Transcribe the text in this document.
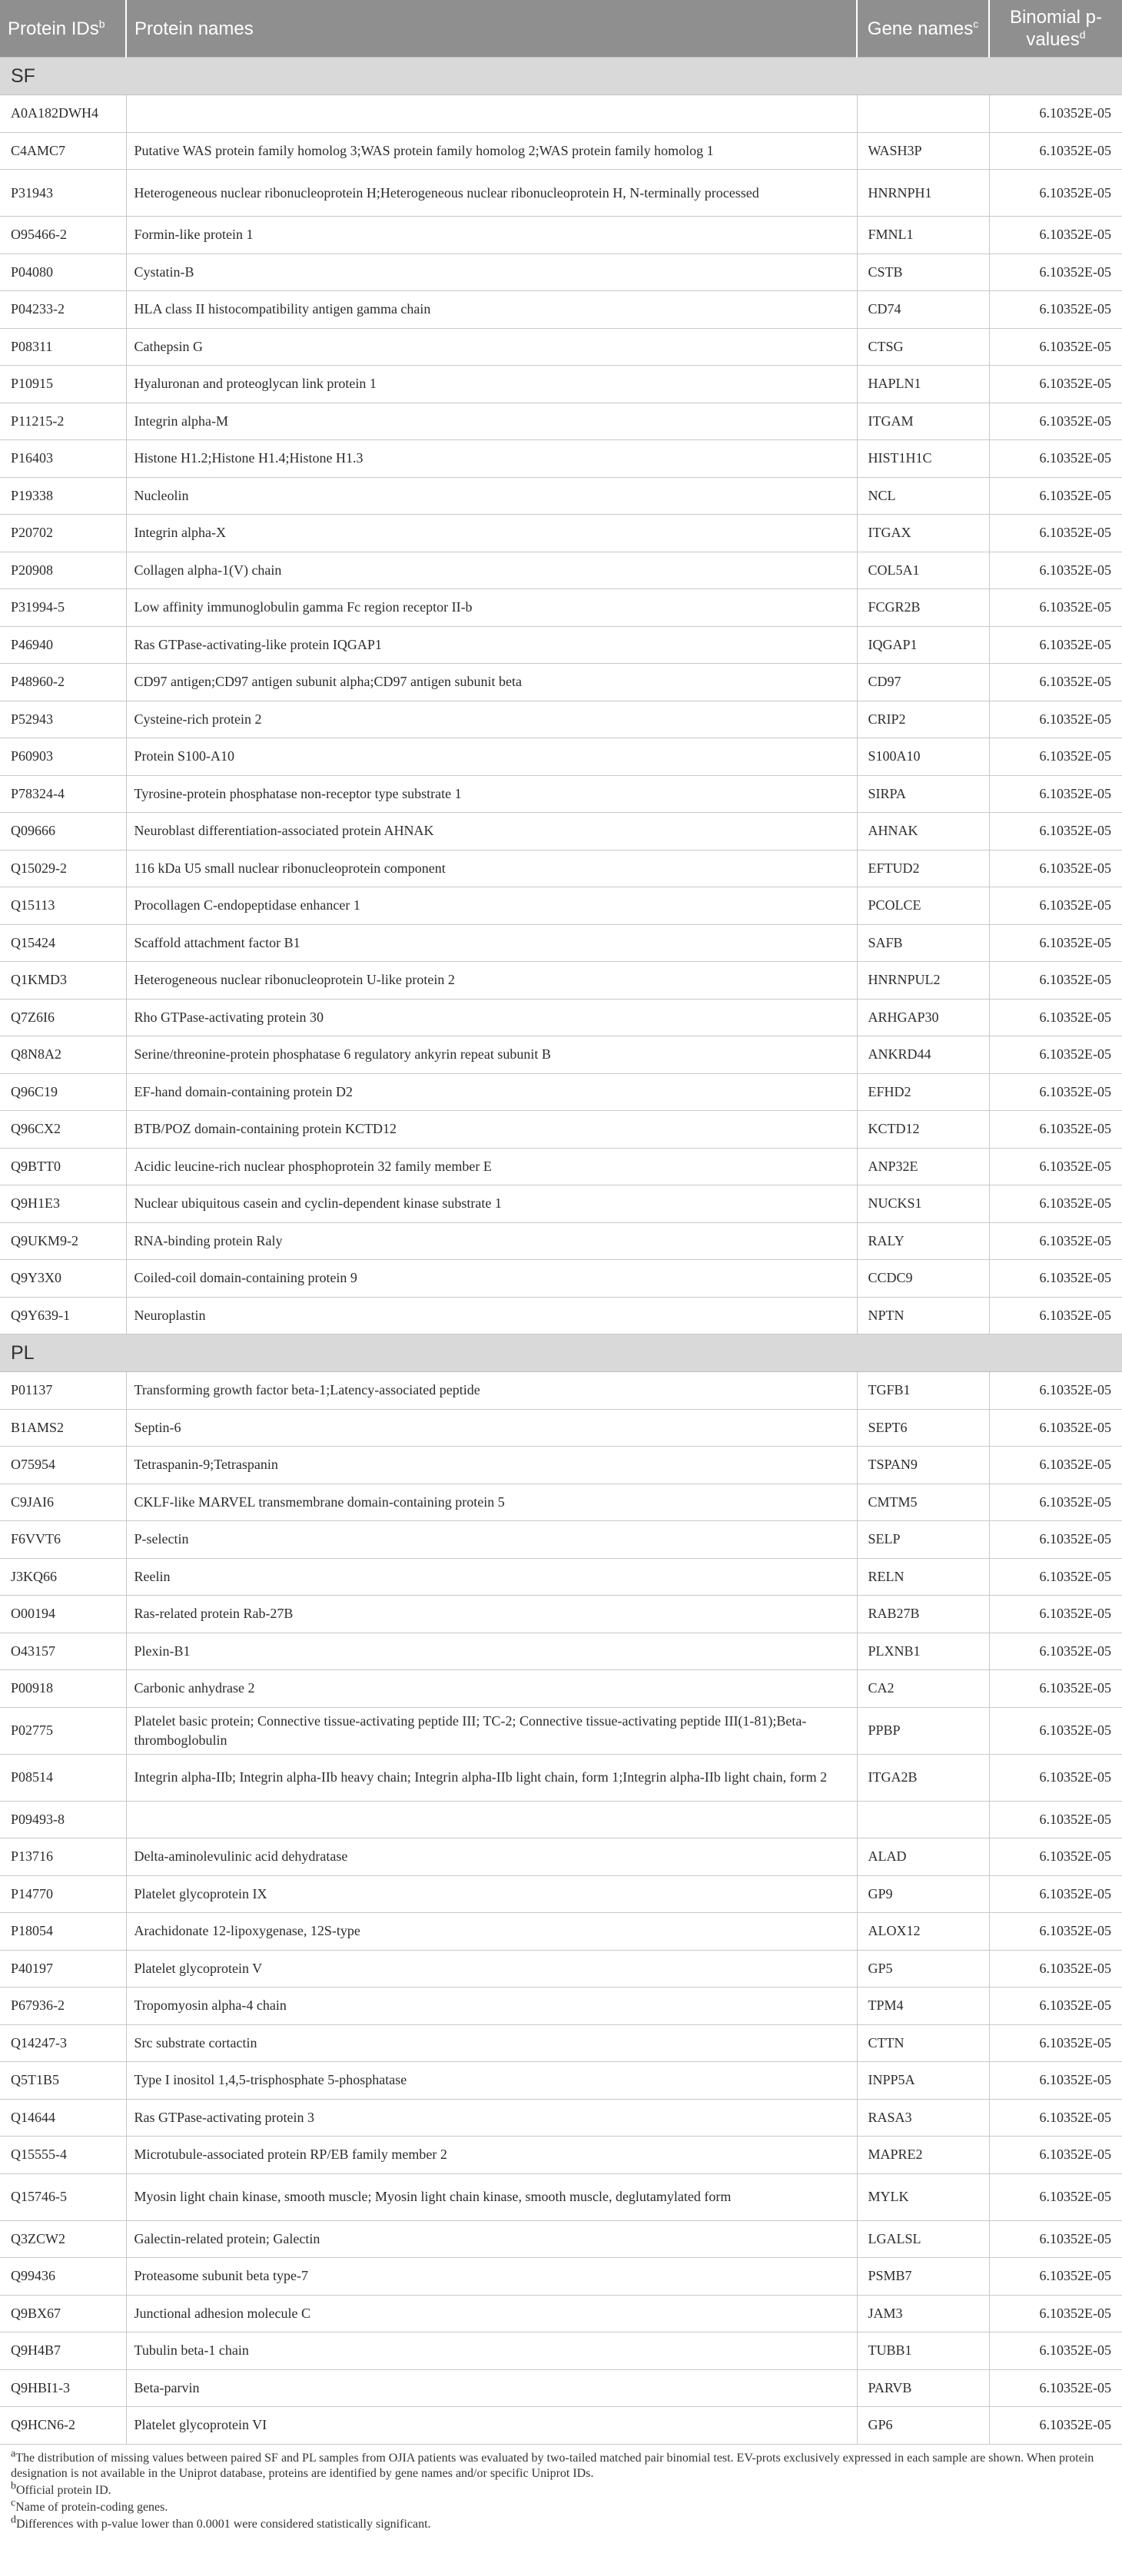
Protein IDs$^b$	Protein names	Gene names$^c$	Binomial p-values$^d$
SF			
A0A182DWH4			6.10352E-05
C4AMC7	Putative WAS protein family homolog 3;WAS protein family homolog 2;WAS protein family homolog 1	WASH3P	6.10352E-05
P31943	Heterogeneous nuclear ribonucleoprotein H;Heterogeneous nuclear ribonucleoprotein H, N-terminally processed	HNRNPH1	6.10352E-05
O95466-2	Formin-like protein 1	FMNL1	6.10352E-05
P04080	Cystatin-B	CSTB	6.10352E-05
P04233-2	HLA class II histocompatibility antigen gamma chain	CD74	6.10352E-05
P08311	Cathepsin G	CTSG	6.10352E-05
P10915	Hyaluronan and proteoglycan link protein 1	HAPLN1	6.10352E-05
P11215-2	Integrin alpha-M	ITGAM	6.10352E-05
P16403	Histone H1.2;Histone H1.4;Histone H1.3	HIST1H1C	6.10352E-05
P19338	Nucleolin	NCL	6.10352E-05
P20702	Integrin alpha-X	ITGAX	6.10352E-05
P20908	Collagen alpha-1(V) chain	COL5A1	6.10352E-05
P31994-5	Low affinity immunoglobulin gamma Fc region receptor II-b	FCGR2B	6.10352E-05
P46940	Ras GTPase-activating-like protein IQGAP1	IQGAP1	6.10352E-05
P48960-2	CD97 antigen;CD97 antigen subunit alpha;CD97 antigen subunit beta	CD97	6.10352E-05
P52943	Cysteine-rich protein 2	CRIP2	6.10352E-05
P60903	Protein S100-A10	S100A10	6.10352E-05
P78324-4	Tyrosine-protein phosphatase non-receptor type substrate 1	SIRPA	6.10352E-05
Q09666	Neuroblast differentiation-associated protein AHNAK	AHNAK	6.10352E-05
Q15029-2	116 kDa U5 small nuclear ribonucleoprotein component	EFTUD2	6.10352E-05
Q15113	Procollagen C-endopeptidase enhancer 1	PCOLCE	6.10352E-05
Q15424	Scaffold attachment factor B1	SAFB	6.10352E-05
Q1KMD3	Heterogeneous nuclear ribonucleoprotein U-like protein 2	HNRNPUL2	6.10352E-05
Q7Z6I6	Rho GTPase-activating protein 30	ARHGAP30	6.10352E-05
Q8N8A2	Serine/threonine-protein phosphatase 6 regulatory ankyrin repeat subunit B	ANKRD44	6.10352E-05
Q96C19	EF-hand domain-containing protein D2	EFHD2	6.10352E-05
Q96CX2	BTB/POZ domain-containing protein KCTD12	KCTD12	6.10352E-05
Q9BTT0	Acidic leucine-rich nuclear phosphoprotein 32 family member E	ANP32E	6.10352E-05
Q9H1E3	Nuclear ubiquitous casein and cyclin-dependent kinase substrate 1	NUCKS1	6.10352E-05
Q9UKM9-2	RNA-binding protein Raly	RALY	6.10352E-05
Q9Y3X0	Coiled-coil domain-containing protein 9	CCDC9	6.10352E-05
Q9Y639-1	Neuroplastin	NPTN	6.10352E-05
PL			
P01137	Transforming growth factor beta-1;Latency-associated peptide	TGFB1	6.10352E-05
B1AMS2	Septin-6	SEPT6	6.10352E-05
O75954	Tetraspanin-9;Tetraspanin	TSPAN9	6.10352E-05
C9JAI6	CKLF-like MARVEL transmembrane domain-containing protein 5	CMTM5	6.10352E-05
F6VVT6	P-selectin	SELP	6.10352E-05
J3KQ66	Reelin	RELN	6.10352E-05
O00194	Ras-related protein Rab-27B	RAB27B	6.10352E-05
O43157	Plexin-B1	PLXNB1	6.10352E-05
P00918	Carbonic anhydrase 2	CA2	6.10352E-05
P02775	Platelet basic protein; Connective tissue-activating peptide III; TC-2; Connective tissue-activating peptide III(1-81);Beta-thromboglobulin	PPBP	6.10352E-05
P08514	Integrin alpha-IIb; Integrin alpha-IIb heavy chain; Integrin alpha-IIb light chain, form 1;Integrin alpha-IIb light chain, form 2	ITGA2B	6.10352E-05
P09493-8			6.10352E-05
P13716	Delta-aminolevulinic acid dehydratase	ALAD	6.10352E-05
P14770	Platelet glycoprotein IX	GP9	6.10352E-05
P18054	Arachidonate 12-lipoxygenase, 12S-type	ALOX12	6.10352E-05
P40197	Platelet glycoprotein V	GP5	6.10352E-05
P67936-2	Tropomyosin alpha-4 chain	TPM4	6.10352E-05
Q14247-3	Src substrate cortactin	CTTN	6.10352E-05
Q5T1B5	Type I inositol 1,4,5-trisphosphate 5-phosphatase	INPP5A	6.10352E-05
Q14644	Ras GTPase-activating protein 3	RASA3	6.10352E-05
Q15555-4	Microtubule-associated protein RP/EB family member 2	MAPRE2	6.10352E-05
Q15746-5	Myosin light chain kinase, smooth muscle; Myosin light chain kinase, smooth muscle, deglutamylated form	MYLK	6.10352E-05
Q3ZCW2	Galectin-related protein; Galectin	LGALSL	6.10352E-05
Q99436	Proteasome subunit beta type-7	PSMB7	6.10352E-05
Q9BX67	Junctional adhesion molecule C	JAM3	6.10352E-05
Q9H4B7	Tubulin beta-1 chain	TUBB1	6.10352E-05
Q9HBI1-3	Beta-parvin	PARVB	6.10352E-05
Q9HCN6-2	Platelet glycoprotein VI	GP6	6.10352E-05

$^a$The distribution of missing values between paired SF and PL samples from OJIA patients was evaluated by two-tailed matched pair binomial test. EV-prots exclusively expressed in each sample are shown. When protein designation is not available in the Uniprot database, proteins are identified by gene names and/or specific Uniprot IDs.

$^b$Official protein ID.

$^c$Name of protein-coding genes.

$^d$Differences with p-value lower than 0.0001 were considered statistically significant.
